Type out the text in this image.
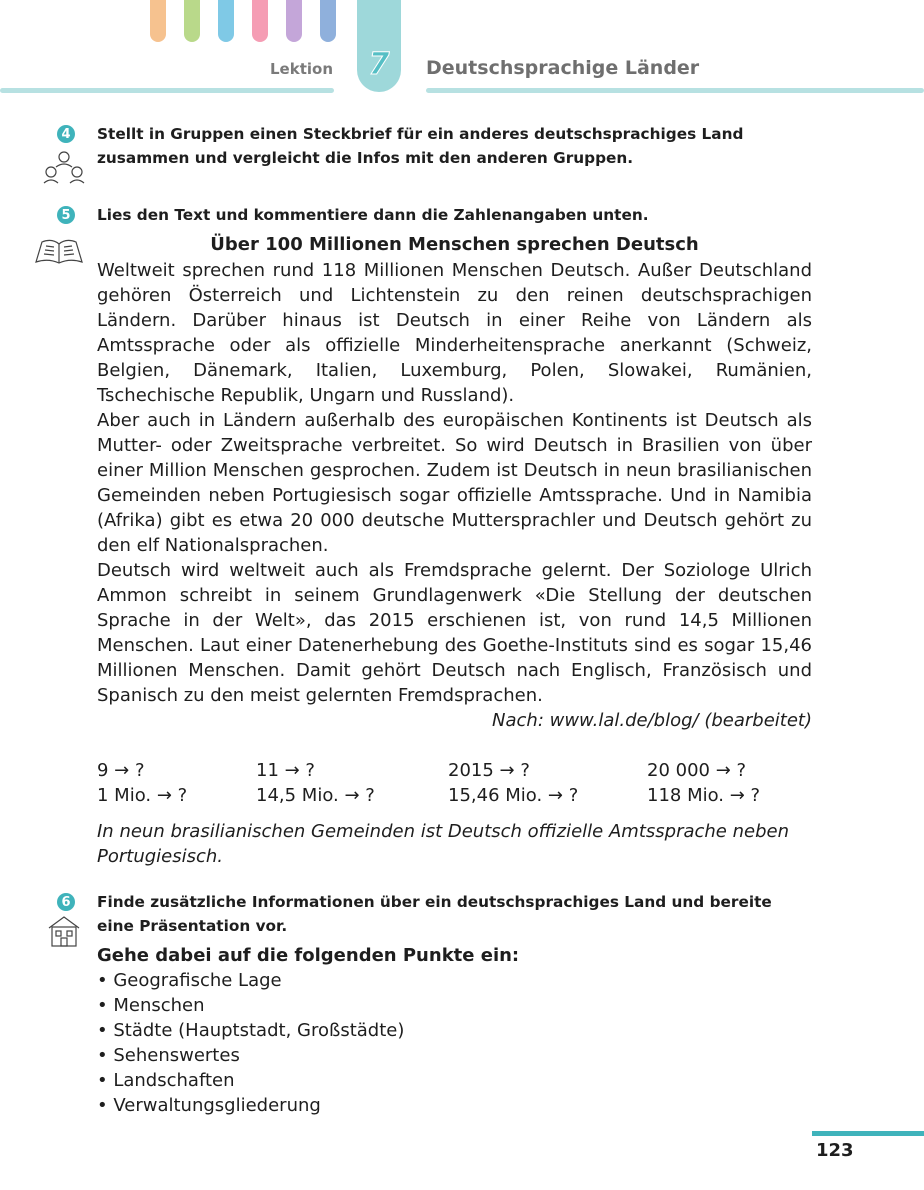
Lektion 7 Deutschsprachige Länder
4 Stellt in Gruppen einen Steckbrief für ein anderes deutschsprachiges Land zusammen und vergleicht die Infos mit den anderen Gruppen.
5 Lies den Text und kommentiere dann die Zahlenangaben unten.
Über 100 Millionen Menschen sprechen Deutsch

Weltweit sprechen rund 118 Millionen Menschen Deutsch. Außer Deutschland gehören Österreich und Lichtenstein zu den reinen deutschsprachigen Ländern. Darüber hinaus ist Deutsch in einer Reihe von Ländern als Amtssprache oder als offizielle Minderheitensprache anerkannt (Schweiz, Belgien, Dänemark, Italien, Luxemburg, Polen, Slowakei, Rumänien, Tschechische Republik, Ungarn und Russland).

Aber auch in Ländern außerhalb des europäischen Kontinents ist Deutsch als Mutter- oder Zweitsprache verbreitet. So wird Deutsch in Brasilien von über einer Million Menschen gesprochen. Zudem ist Deutsch in neun brasilianischen Gemeinden neben Portugiesisch sogar offizielle Amtssprache. Und in Namibia (Afrika) gibt es etwa 20 000 deutsche Muttersprachler und Deutsch gehört zu den elf Nationalsprachen.

Deutsch wird weltweit auch als Fremdsprache gelernt. Der Soziologe Ulrich Ammon schreibt in seinem Grundlagenwerk «Die Stellung der deutschen Sprache in der Welt», das 2015 erschienen ist, von rund 14,5 Millionen Menschen. Laut einer Datenerhebung des Goethe-Instituts sind es sogar 15,46 Millionen Menschen. Damit gehört Deutsch nach Englisch, Französisch und Spanisch zu den meist gelernten Fremdsprachen.

Nach: www.lal.de/blog/ (bearbeitet)
9 → ?	11 → ?	2015 → ?	20 000 → ?
1 Mio. → ?	14,5 Mio. → ?	15,46 Mio. → ?	118 Mio. → ?
In neun brasilianischen Gemeinden ist Deutsch offizielle Amtssprache neben Portugiesisch.
6 Finde zusätzliche Informationen über ein deutschsprachiges Land und bereite eine Präsentation vor.
Gehe dabei auf die folgenden Punkte ein:
• Geografische Lage
• Menschen
• Städte (Hauptstadt, Großstädte)
• Sehenswertes
• Landschaften
• Verwaltungsgliederung
123
